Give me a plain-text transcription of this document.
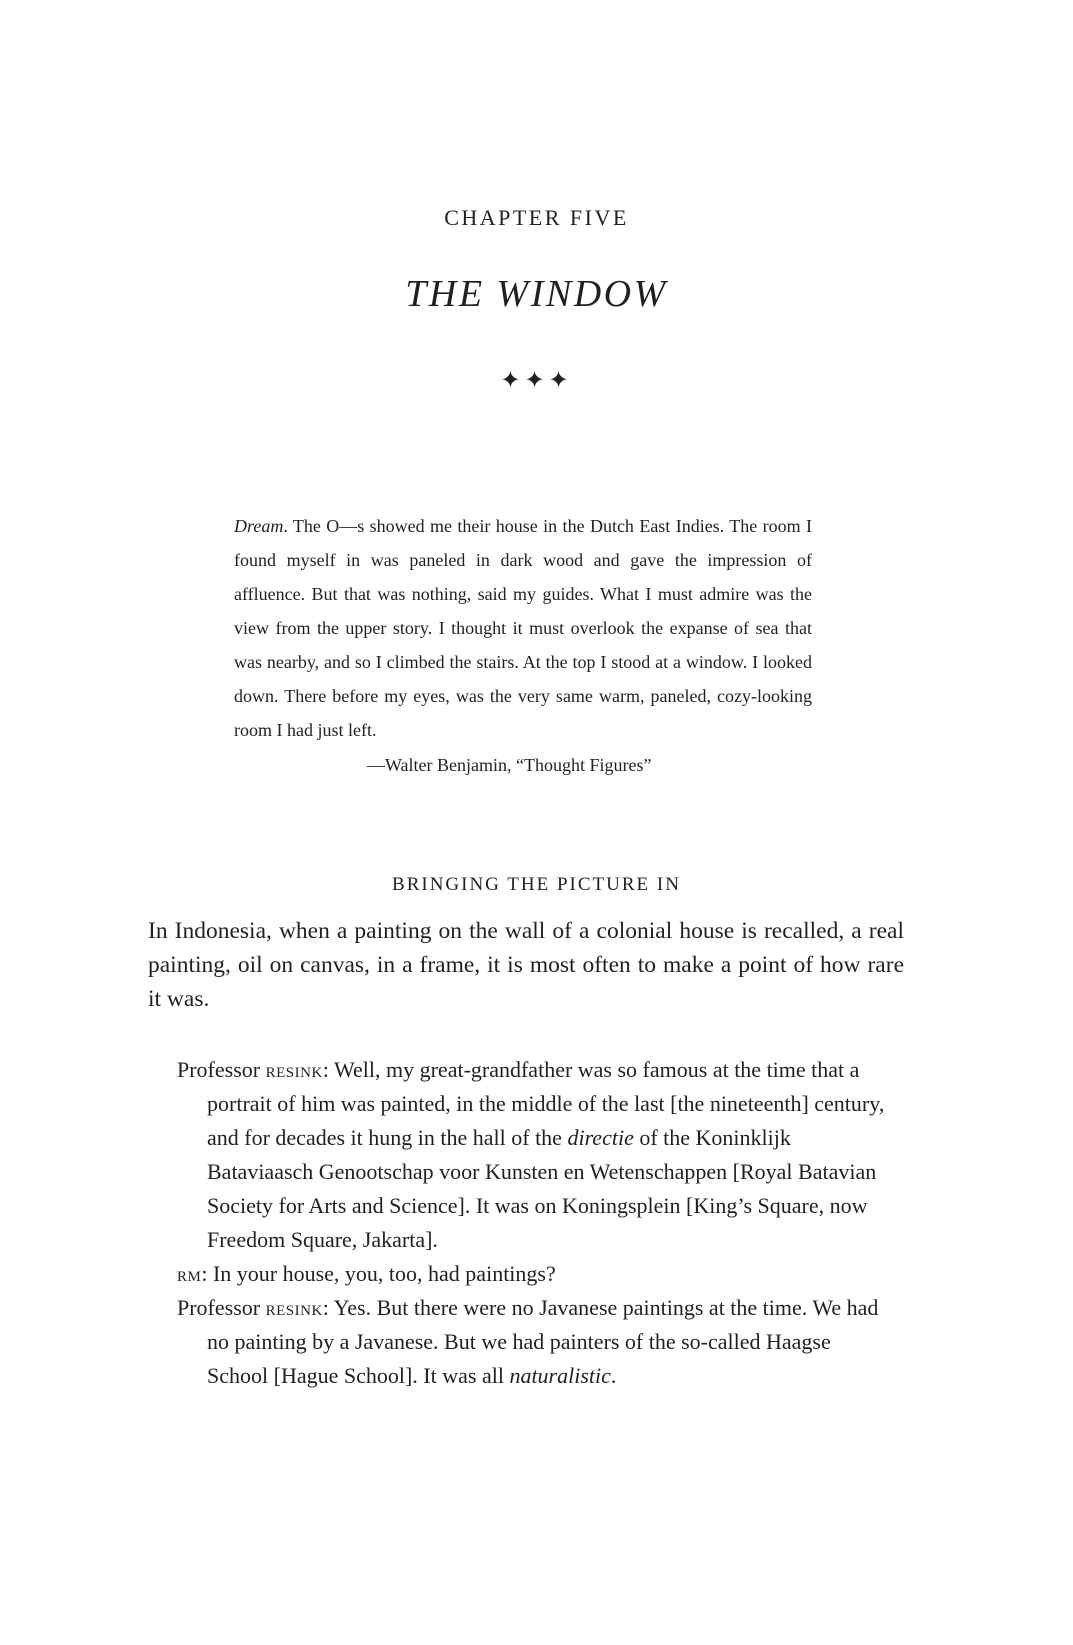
CHAPTER FIVE
THE WINDOW
✦✦✦

Dream. The O—s showed me their house in the Dutch East Indies. The room I found myself in was paneled in dark wood and gave the impression of affluence. But that was nothing, said my guides. What I must admire was the view from the upper story. I thought it must overlook the expanse of sea that was nearby, and so I climbed the stairs. At the top I stood at a window. I looked down. There before my eyes, was the very same warm, paneled, cozy-looking room I had just left.

—Walter Benjamin, “Thought Figures”
BRINGING THE PICTURE IN

In Indonesia, when a painting on the wall of a colonial house is recalled, a real painting, oil on canvas, in a frame, it is most often to make a point of how rare it was.

Professor resink: Well, my great-grandfather was so famous at the time that a portrait of him was painted, in the middle of the last [the nineteenth] century, and for decades it hung in the hall of the directie of the Koninklijk Bataviaasch Genootschap voor Kunsten en Wetenschappen [Royal Batavian Society for Arts and Science]. It was on Koningsplein [King’s Square, now Freedom Square, Jakarta].

rm: In your house, you, too, had paintings?

Professor resink: Yes. But there were no Javanese paintings at the time. We had no painting by a Javanese. But we had painters of the so-called Haagse School [Hague School]. It was all naturalistic.
